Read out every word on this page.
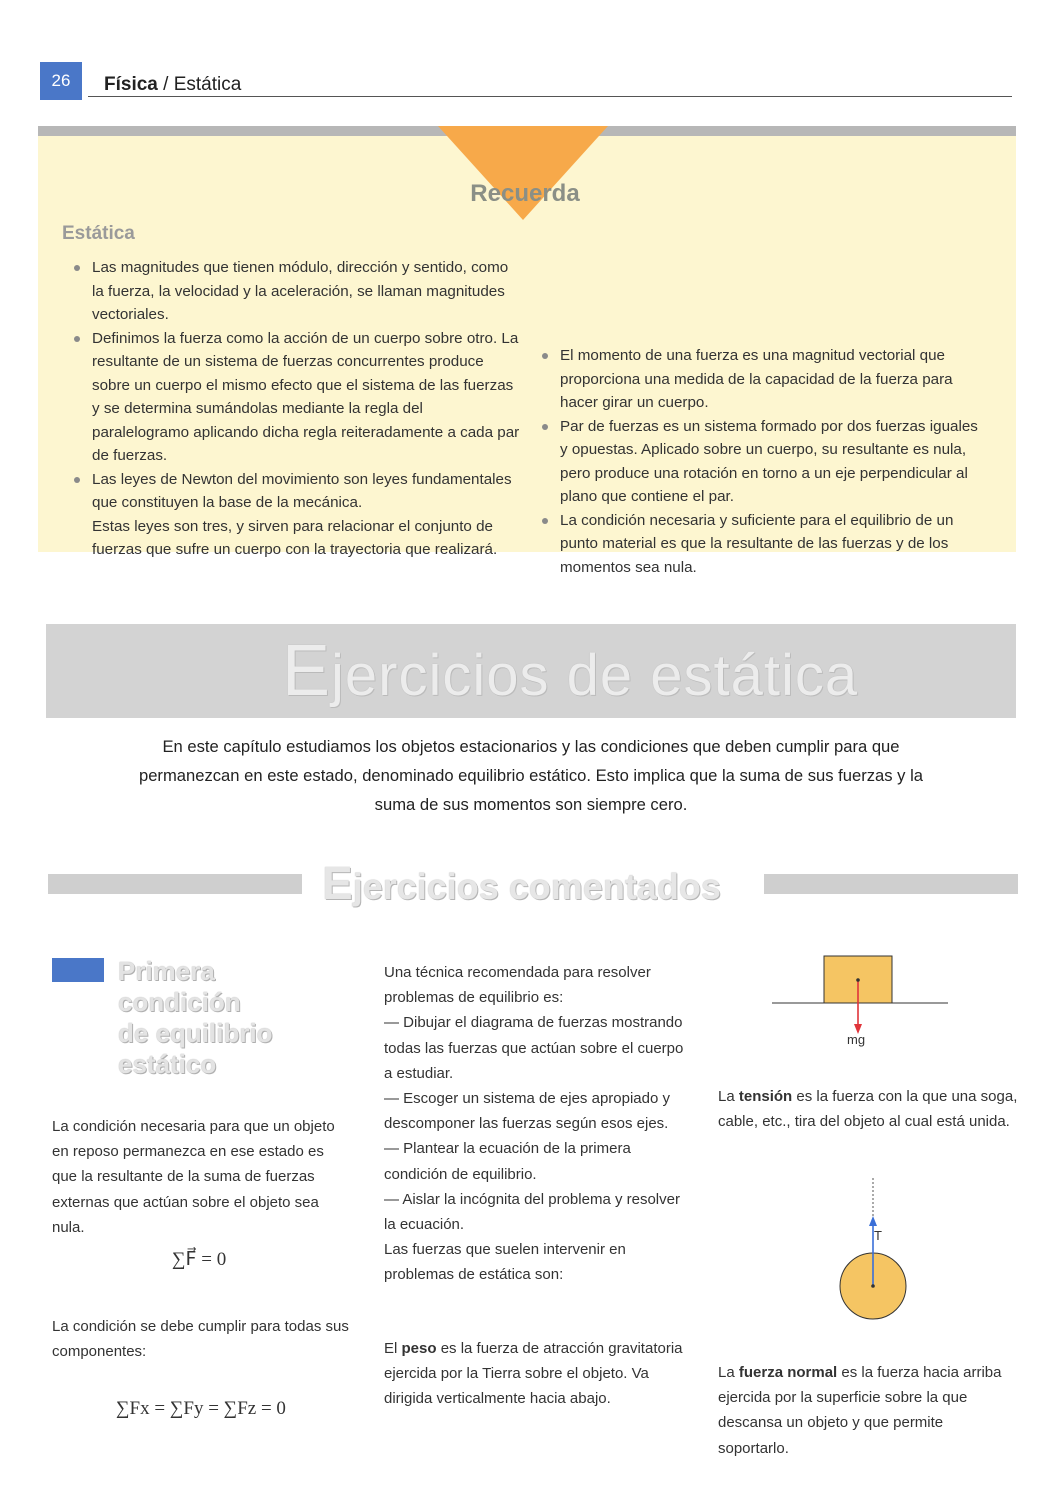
26	Física / Estática
Recuerda
Estática
Las magnitudes que tienen módulo, dirección y sentido, como la fuerza, la velocidad y la aceleración, se llaman magnitudes vectoriales.
Definimos la fuerza como la acción de un cuerpo sobre otro. La resultante de un sistema de fuerzas concurrentes produce sobre un cuerpo el mismo efecto que el sistema de las fuerzas y se determina sumándolas mediante la regla del paralelogramo aplicando dicha regla reiteradamente a cada par de fuerzas.
Las leyes de Newton del movimiento son leyes fundamentales que constituyen la base de la mecánica.
Estas leyes son tres, y sirven para relacionar el conjunto de fuerzas que sufre un cuerpo con la trayectoria que realizará.
El momento de una fuerza es una magnitud vectorial que proporciona una medida de la capacidad de la fuerza para hacer girar un cuerpo.
Par de fuerzas es un sistema formado por dos fuerzas iguales y opuestas. Aplicado sobre un cuerpo, su resultante es nula, pero produce una rotación en torno a un eje perpendicular al plano que contiene el par.
La condición necesaria y suficiente para el equilibrio de un punto material es que la resultante de las fuerzas y de los momentos sea nula.
Ejercicios de estática
En este capítulo estudiamos los objetos estacionarios y las condiciones que deben cumplir para que permanezcan en este estado, denominado equilibrio estático. Esto implica que la suma de sus fuerzas y la suma de sus momentos son siempre cero.
Ejercicios comentados
Primera
condición
de equilibrio
estático
La condición necesaria para que un objeto en reposo permanezca en ese estado es que la resultante de la suma de fuerzas externas que actúan sobre el objeto sea nula.
∑F⃗ = 0
La condición se debe cumplir para todas sus componentes:
∑Fx = ∑Fy = ∑Fz = 0
Una técnica recomendada para resolver problemas de equilibrio es:
— Dibujar el diagrama de fuerzas mostrando todas las fuerzas que actúan sobre el cuerpo a estudiar.
— Escoger un sistema de ejes apropiado y descomponer las fuerzas según esos ejes.
— Plantear la ecuación de la primera condición de equilibrio.
— Aislar la incógnita del problema y resolver la ecuación.
Las fuerzas que suelen intervenir en problemas de estática son:
El peso es la fuerza de atracción gravitatoria ejercida por la Tierra sobre el objeto. Va dirigida verticalmente hacia abajo.
mg
La tensión es la fuerza con la que una soga, cable, etc., tira del objeto al cual está unida.
T
La fuerza normal es la fuerza hacia arriba ejercida por la superficie sobre la que descansa un objeto y que permite soportarlo.
